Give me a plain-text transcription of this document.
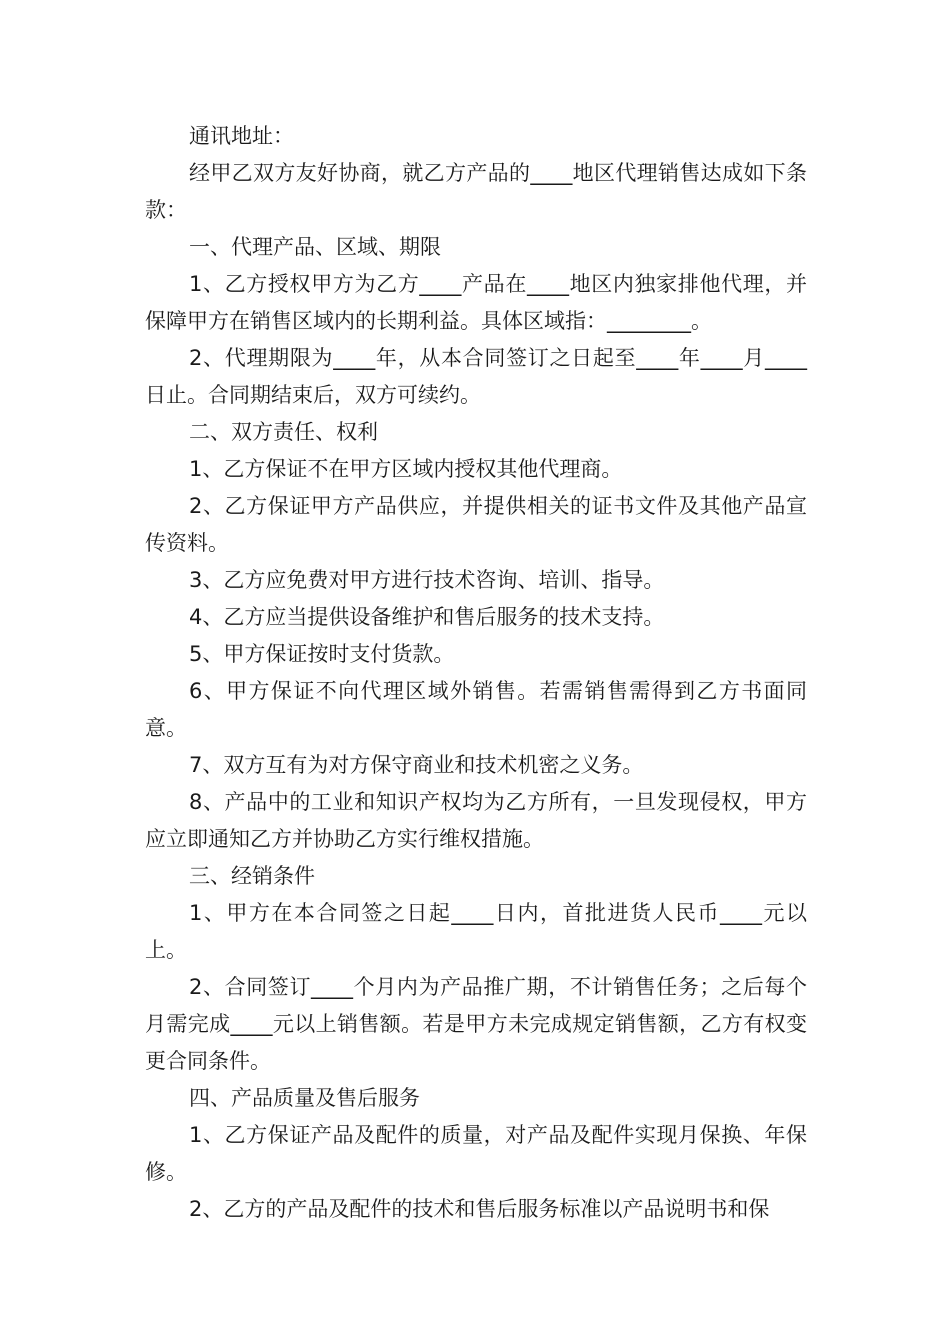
通讯地址：

经甲乙双方友好协商，就乙方产品的____地区代理销售达成如下条款：

一、代理产品、区域、期限

1、乙方授权甲方为乙方____产品在____地区内独家排他代理，并保障甲方在销售区域内的长期利益。具体区域指：________。

2、代理期限为____年，从本合同签订之日起至____年____月____日止。合同期结束后，双方可续约。

二、双方责任、权利

1、乙方保证不在甲方区域内授权其他代理商。

2、乙方保证甲方产品供应，并提供相关的证书文件及其他产品宣传资料。

3、乙方应免费对甲方进行技术咨询、培训、指导。

4、乙方应当提供设备维护和售后服务的技术支持。

5、甲方保证按时支付货款。

6、甲方保证不向代理区域外销售。若需销售需得到乙方书面同意。

7、双方互有为对方保守商业和技术机密之义务。

8、产品中的工业和知识产权均为乙方所有，一旦发现侵权，甲方应立即通知乙方并协助乙方实行维权措施。

三、经销条件

1、甲方在本合同签之日起____日内，首批进货人民币____元以上。

2、合同签订____个月内为产品推广期，不计销售任务；之后每个月需完成____元以上销售额。若是甲方未完成规定销售额，乙方有权变更合同条件。

四、产品质量及售后服务

1、乙方保证产品及配件的质量，对产品及配件实现月保换、年保修。

2、乙方的产品及配件的技术和售后服务标准以产品说明书和保
